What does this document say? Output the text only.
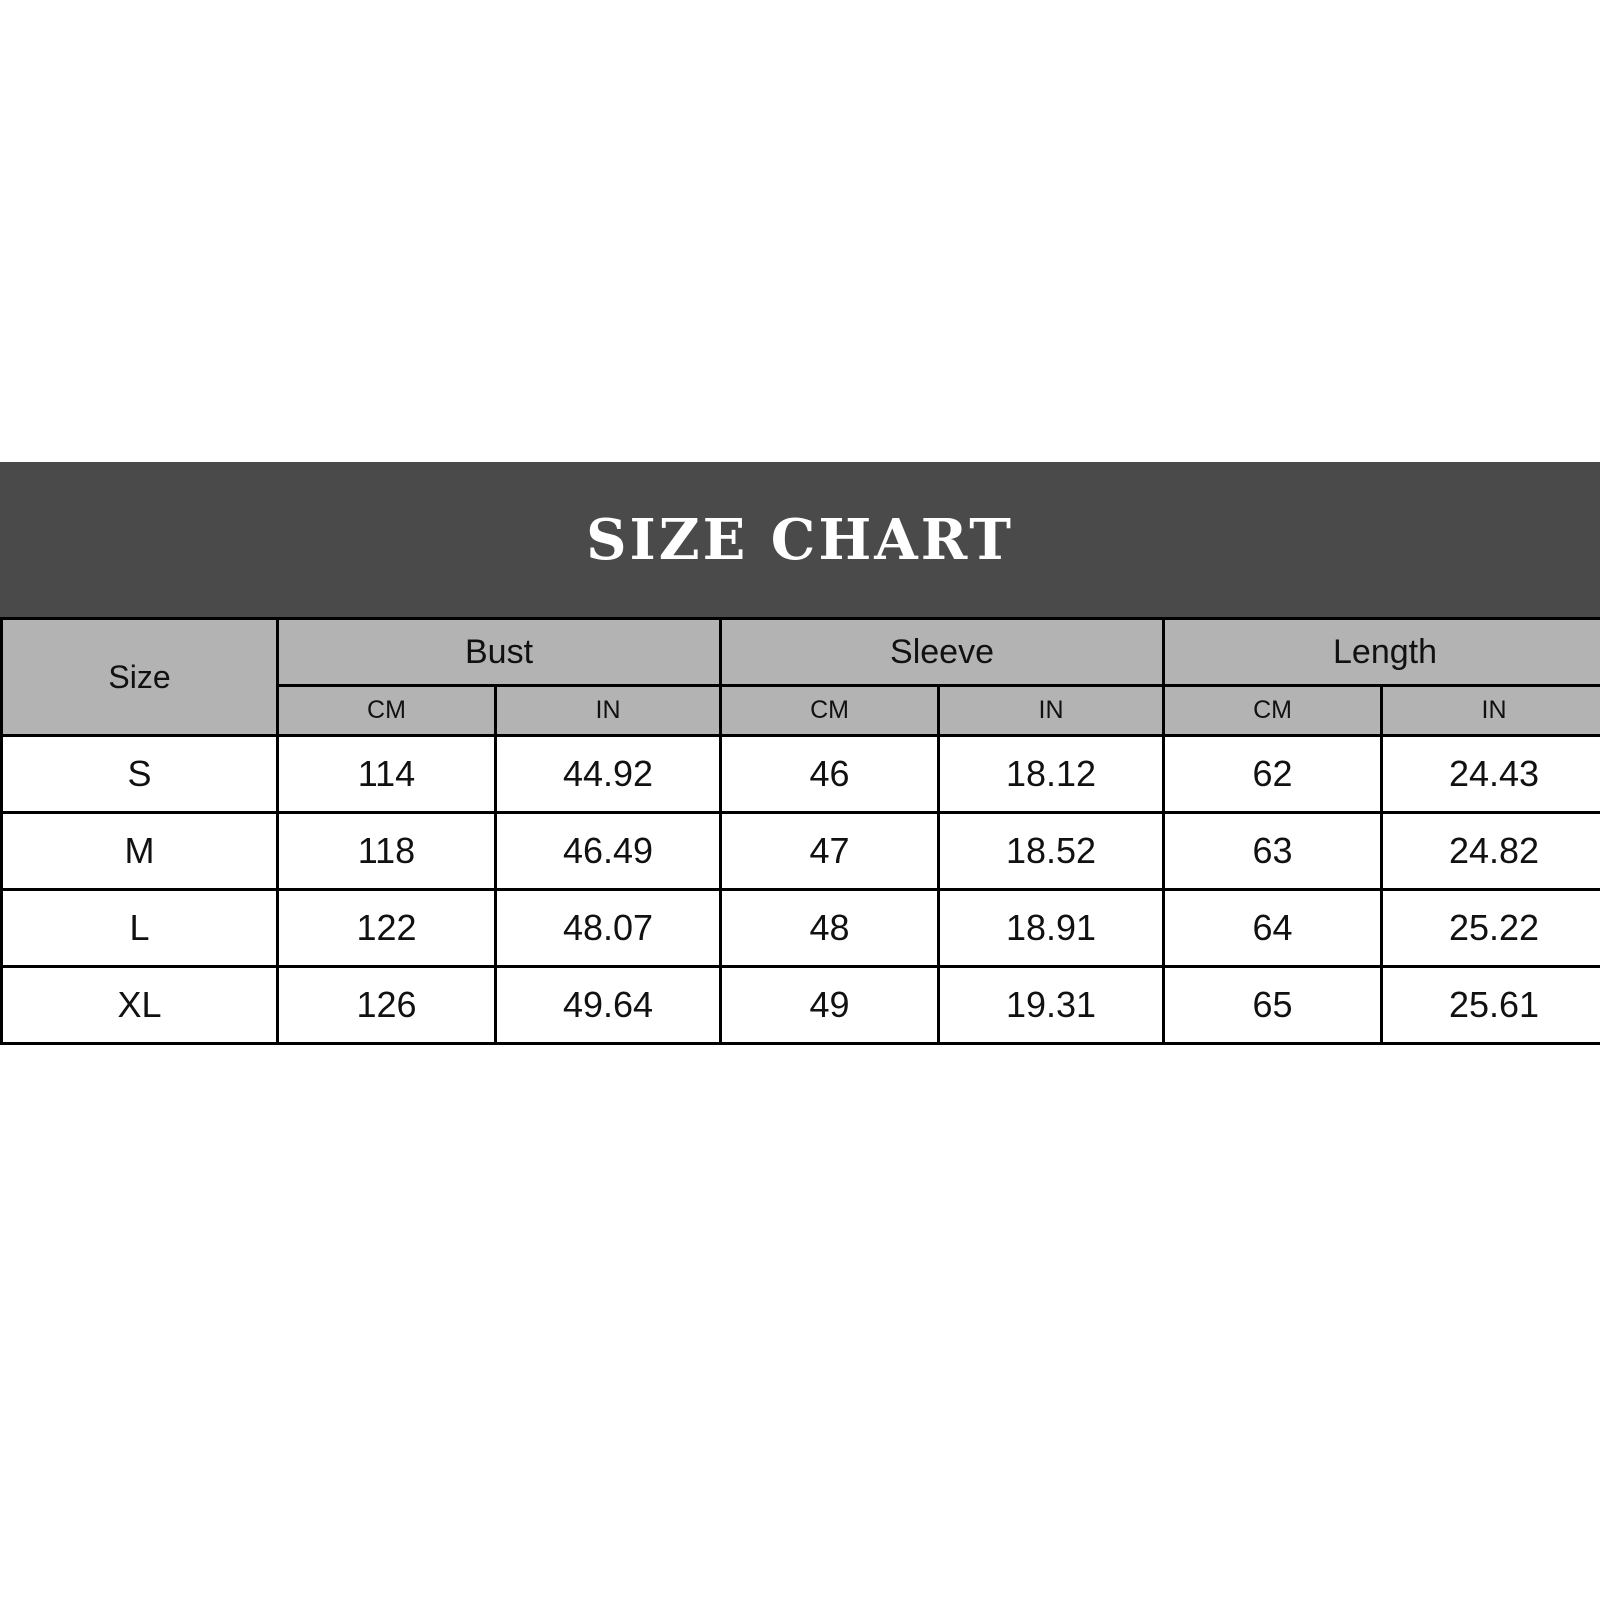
SIZE CHART
Size	Bust		Sleeve		Length	
	CM	IN	CM	IN	CM	IN
S	114	44.92	46	18.12	62	24.43
M	118	46.49	47	18.52	63	24.82
L	122	48.07	48	18.91	64	25.22
XL	126	49.64	49	19.31	65	25.61
